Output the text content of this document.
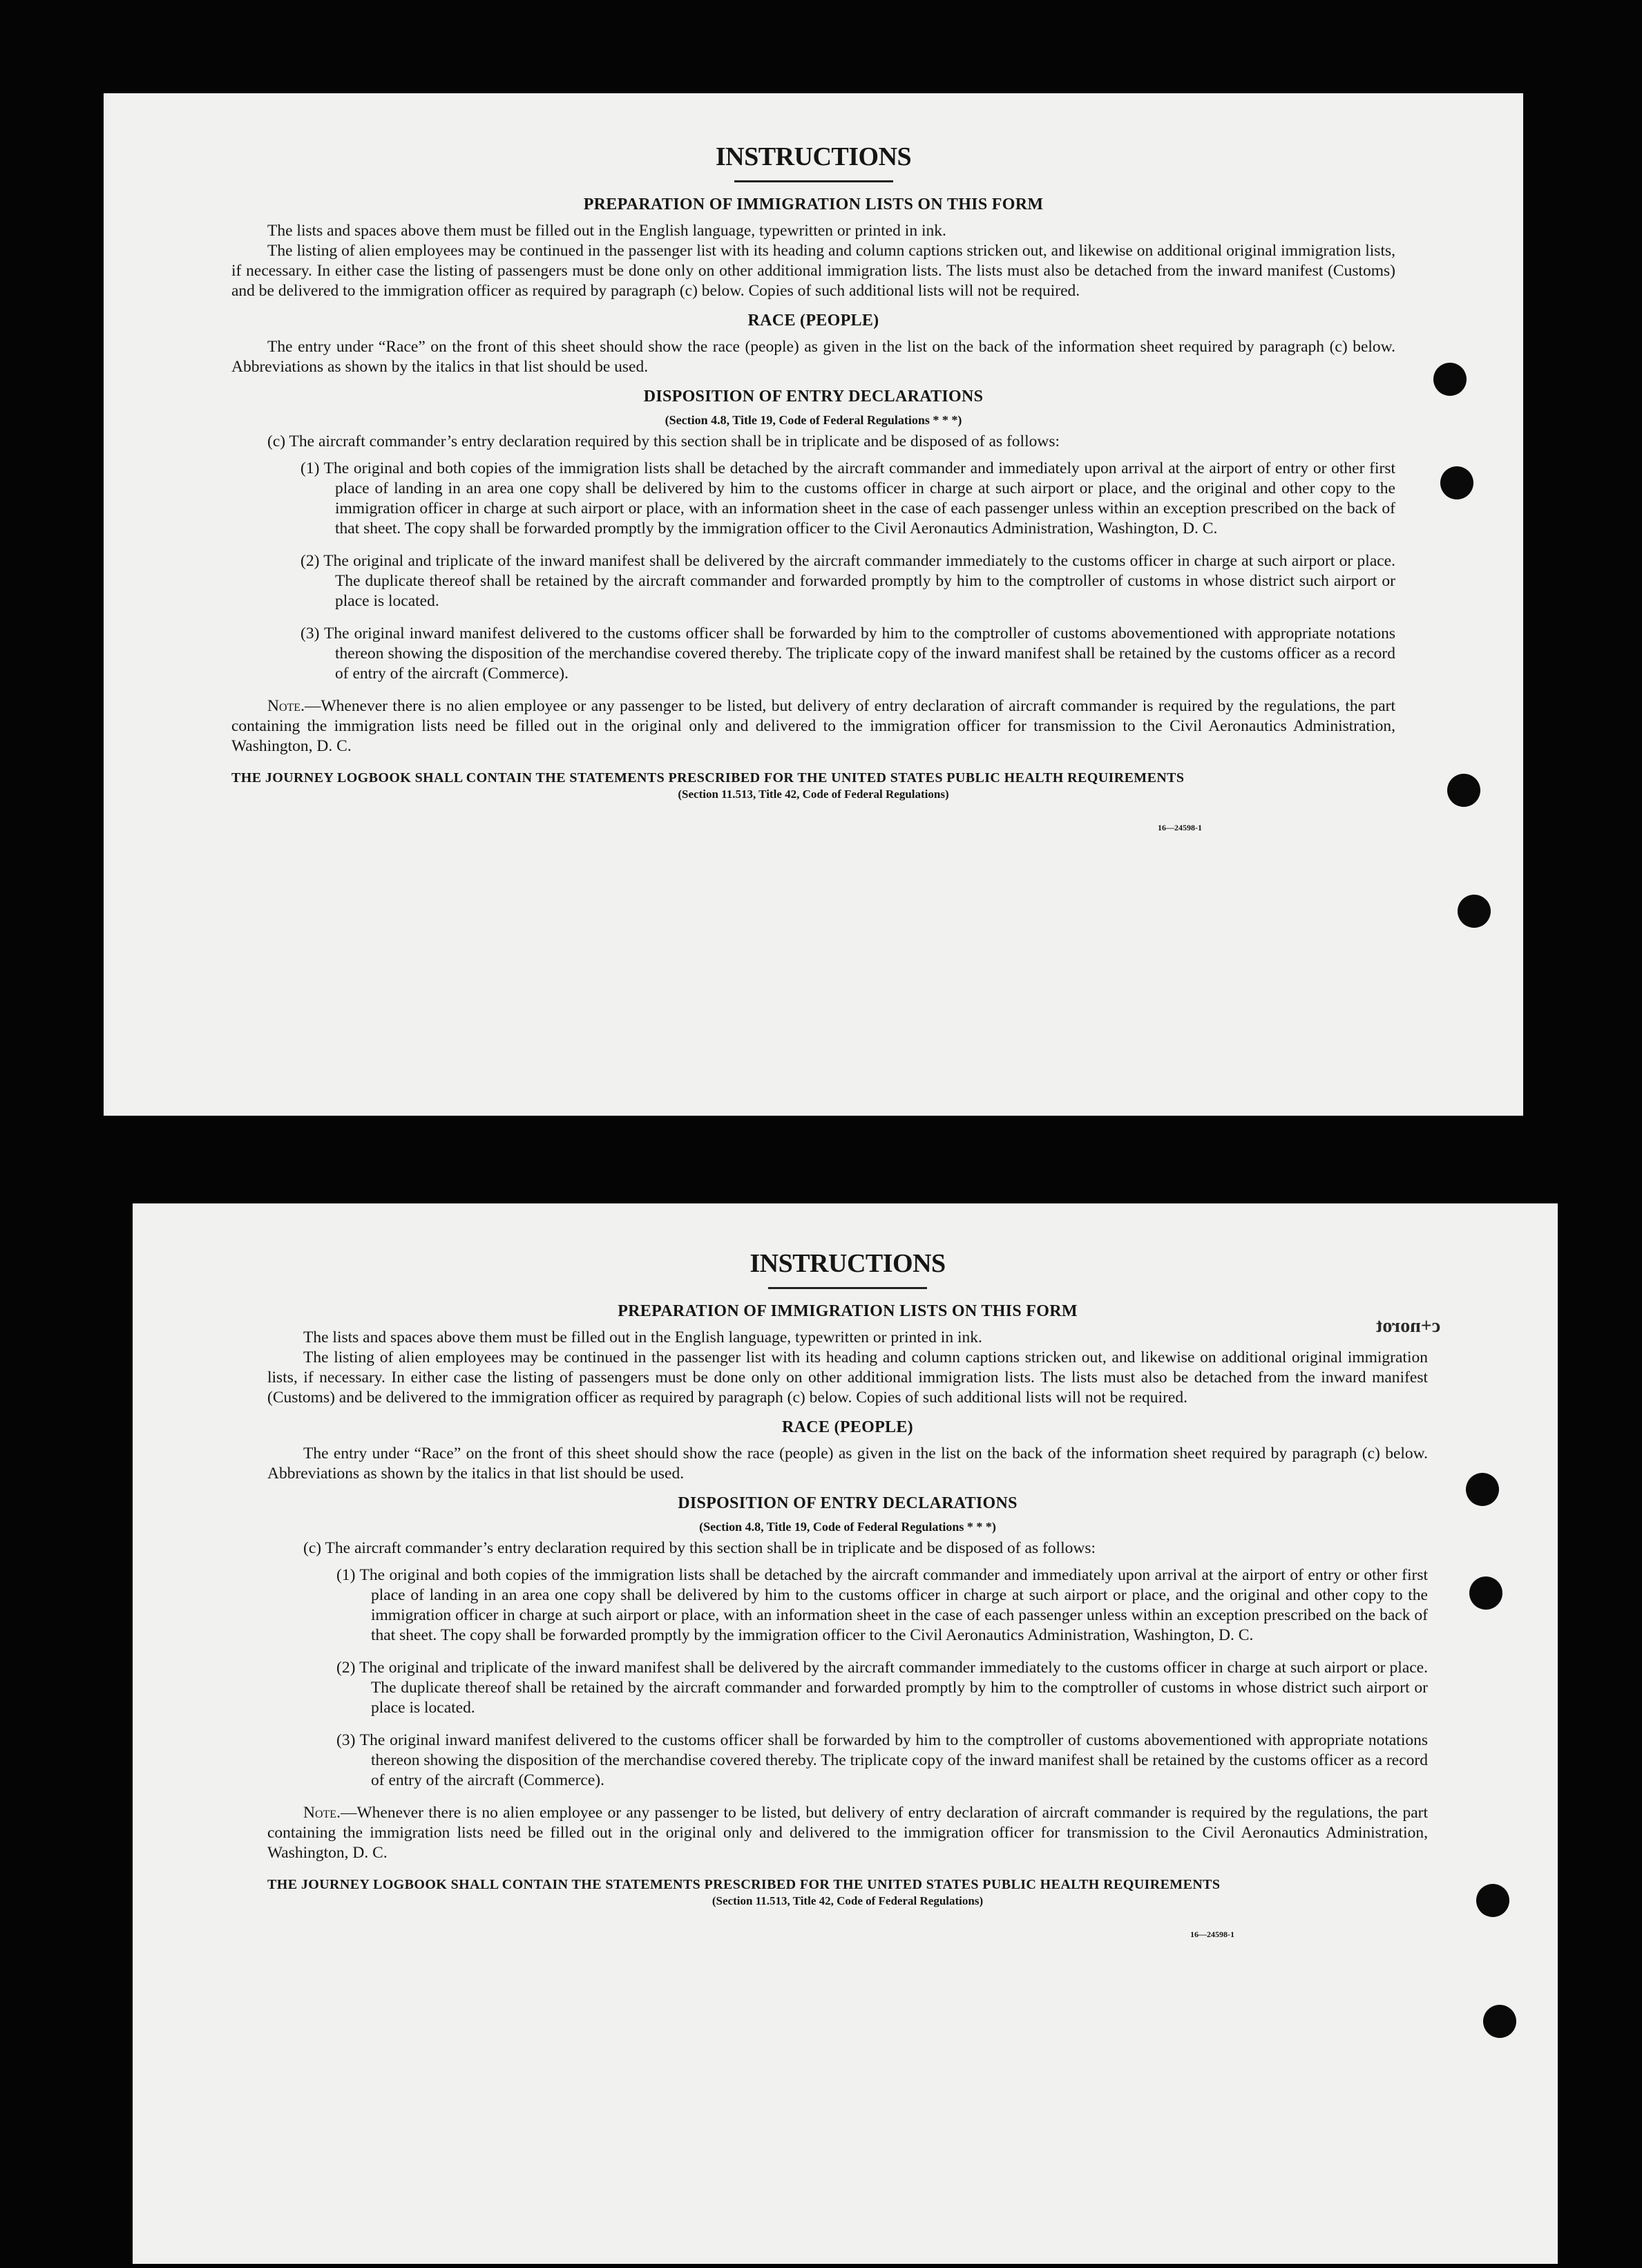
INSTRUCTIONS
PREPARATION OF IMMIGRATION LISTS ON THIS FORM

The lists and spaces above them must be filled out in the English language, typewritten or printed in ink.

The listing of alien employees may be continued in the passenger list with its heading and column captions stricken out, and likewise on additional original immigration lists, if necessary. In either case the listing of passengers must be done only on other additional immigration lists. The lists must also be detached from the inward manifest (Customs) and be delivered to the immigration officer as required by paragraph (c) below. Copies of such additional lists will not be required.

RACE (PEOPLE)

The entry under “Race” on the front of this sheet should show the race (people) as given in the list on the back of the information sheet required by paragraph (c) below. Abbreviations as shown by the italics in that list should be used.

DISPOSITION OF ENTRY DECLARATIONS
(Section 4.8, Title 19, Code of Federal Regulations * * *)

(c) The aircraft commander’s entry declaration required by this section shall be in triplicate and be disposed of as follows:

(1) The original and both copies of the immigration lists shall be detached by the aircraft commander and immediately upon arrival at the airport of entry or other first place of landing in an area one copy shall be delivered by him to the customs officer in charge at such airport or place, and the original and other copy to the immigration officer in charge at such airport or place, with an information sheet in the case of each passenger unless within an exception prescribed on the back of that sheet. The copy shall be forwarded promptly by the immigration officer to the Civil Aeronautics Administration, Washington, D. C.

(2) The original and triplicate of the inward manifest shall be delivered by the aircraft commander immediately to the customs officer in charge at such airport or place. The duplicate thereof shall be retained by the aircraft commander and forwarded promptly by him to the comptroller of customs in whose district such airport or place is located.

(3) The original inward manifest delivered to the customs officer shall be forwarded by him to the comptroller of customs abovementioned with appropriate notations thereon showing the disposition of the merchandise covered thereby. The triplicate copy of the inward manifest shall be retained by the customs officer as a record of entry of the aircraft (Commerce).

Note.—Whenever there is no alien employee or any passenger to be listed, but delivery of entry declaration of aircraft commander is required by the regulations, the part containing the immigration lists need be filled out in the original only and delivered to the immigration officer for transmission to the Civil Aeronautics Administration, Washington, D. C.

THE JOURNEY LOGBOOK SHALL CONTAIN THE STATEMENTS PRESCRIBED FOR THE UNITED STATES PUBLIC HEALTH REQUIREMENTS
(Section 11.513, Title 42, Code of Federal Regulations)
16—24598-1
c+norot
INSTRUCTIONS
PREPARATION OF IMMIGRATION LISTS ON THIS FORM

The lists and spaces above them must be filled out in the English language, typewritten or printed in ink.

The listing of alien employees may be continued in the passenger list with its heading and column captions stricken out, and likewise on additional original immigration lists, if necessary. In either case the listing of passengers must be done only on other additional immigration lists. The lists must also be detached from the inward manifest (Customs) and be delivered to the immigration officer as required by paragraph (c) below. Copies of such additional lists will not be required.

RACE (PEOPLE)

The entry under “Race” on the front of this sheet should show the race (people) as given in the list on the back of the information sheet required by paragraph (c) below. Abbreviations as shown by the italics in that list should be used.

DISPOSITION OF ENTRY DECLARATIONS
(Section 4.8, Title 19, Code of Federal Regulations * * *)

(c) The aircraft commander’s entry declaration required by this section shall be in triplicate and be disposed of as follows:

(1) The original and both copies of the immigration lists shall be detached by the aircraft commander and immediately upon arrival at the airport of entry or other first place of landing in an area one copy shall be delivered by him to the customs officer in charge at such airport or place, and the original and other copy to the immigration officer in charge at such airport or place, with an information sheet in the case of each passenger unless within an exception prescribed on the back of that sheet. The copy shall be forwarded promptly by the immigration officer to the Civil Aeronautics Administration, Washington, D. C.

(2) The original and triplicate of the inward manifest shall be delivered by the aircraft commander immediately to the customs officer in charge at such airport or place. The duplicate thereof shall be retained by the aircraft commander and forwarded promptly by him to the comptroller of customs in whose district such airport or place is located.

(3) The original inward manifest delivered to the customs officer shall be forwarded by him to the comptroller of customs abovementioned with appropriate notations thereon showing the disposition of the merchandise covered thereby. The triplicate copy of the inward manifest shall be retained by the customs officer as a record of entry of the aircraft (Commerce).

Note.—Whenever there is no alien employee or any passenger to be listed, but delivery of entry declaration of aircraft commander is required by the regulations, the part containing the immigration lists need be filled out in the original only and delivered to the immigration officer for transmission to the Civil Aeronautics Administration, Washington, D. C.

THE JOURNEY LOGBOOK SHALL CONTAIN THE STATEMENTS PRESCRIBED FOR THE UNITED STATES PUBLIC HEALTH REQUIREMENTS
(Section 11.513, Title 42, Code of Federal Regulations)
16—24598-1
